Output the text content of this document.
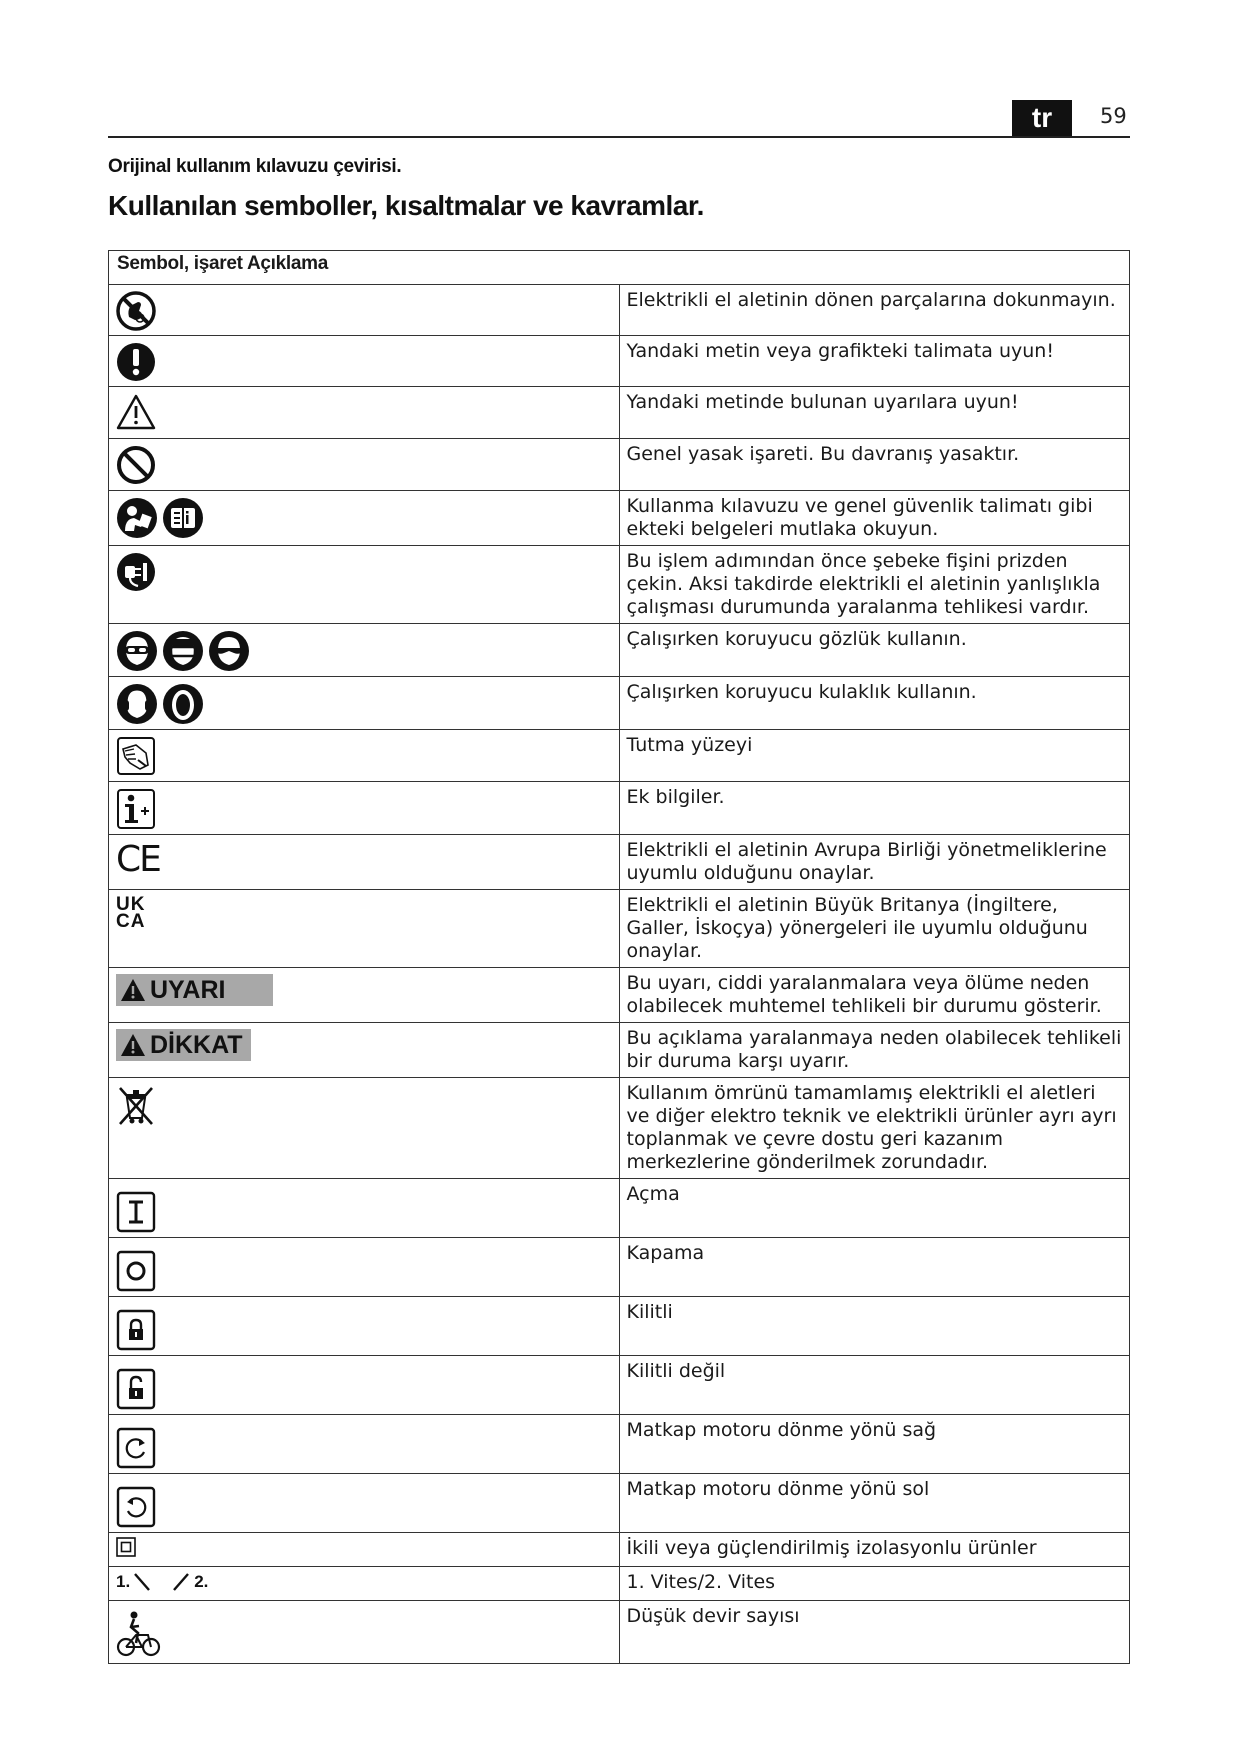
tr	59
Orijinal kullanım kılavuzu çevirisi.
Kullanılan semboller, kısaltmalar ve kavramlar.
Sembol, işaret Açıklama	

	Elektrikli el aletinin dönen parçalarına dokunmayın.

	Yandaki metin veya grafikteki talimata uyun!

	Yandaki metinde bulunan uyarılara uyun!

	Genel yasak işareti. Bu davranış yasaktır.

	Kullanma kılavuzu ve genel güvenlik talimatı gibi ekteki belgeleri mutlaka okuyun.

	Bu işlem adımından önce şebeke fişini prizden çekin. Aksi takdirde elektrikli el aletinin yanlışlıkla çalışması durumunda yaralanma tehlikesi vardır.

	Çalışırken koruyucu gözlük kullanın.

	Çalışırken koruyucu kulaklık kullanın.

	Tutma yüzeyi

	Ek bilgiler.

CE	Elektrikli el aletinin Avrupa Birliği yönetmeliklerine uyumlu olduğunu onaylar.

UK
CA	Elektrikli el aletinin Büyük Britanya (İngiltere, Galler, İskoçya) yönergeleri ile uyumlu olduğunu onaylar.

UYARI	Bu uyarı, ciddi yaralanmalara veya ölüme neden olabilecek muhtemel tehlikeli bir durumu gösterir.

DİKKAT	Bu açıklama yaralanmaya neden olabilecek tehlikeli bir duruma karşı uyarır.

	Kullanım ömrünü tamamlamış elektrikli el aletleri ve diğer elektro teknik ve elektrikli ürünler ayrı ayrı toplanmak ve çevre dostu geri kazanım merkezlerine gönderilmek zorundadır.

	Açma

	Kapama

	Kilitli

	Kilitli değil

	Matkap motoru dönme yönü sağ

	Matkap motoru dönme yönü sol

	İkili veya güçlendirilmiş izolasyonlu ürünler

1. 2.	1. Vites/2. Vites

	Düşük devir sayısı
